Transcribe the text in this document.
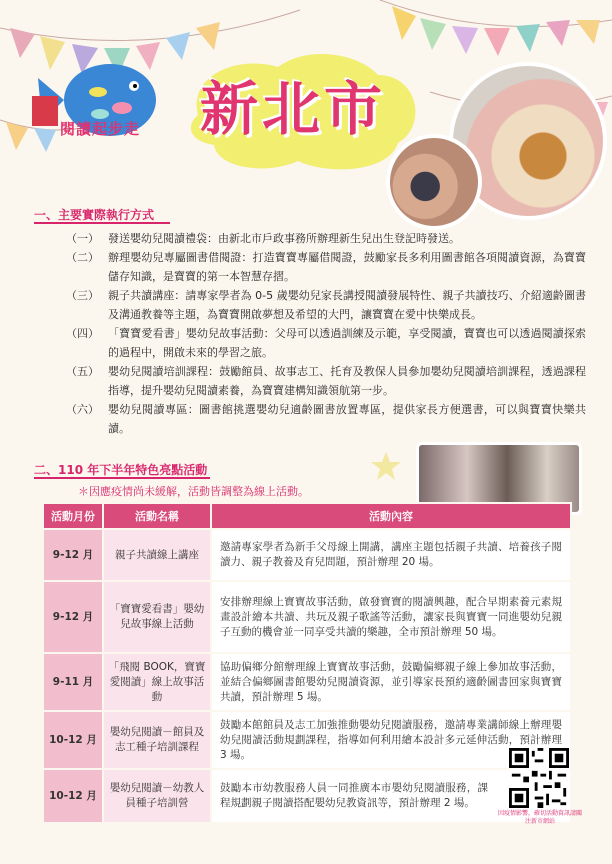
閱讀起步走 新北市
一、主要實際執行方式
（一） 發送嬰幼兒閱讀禮袋：由新北市戶政事務所辦理新生兒出生登記時發送。
（二） 辦理嬰幼兒專屬圖書借閱證：打造寶寶專屬借閱證，鼓勵家長多利用圖書館各項閱讀資源，為寶寶儲存知識，是寶寶的第一本智慧存摺。
（三） 親子共讀講座：請專家學者為 0-5 歲嬰幼兒家長講授閱讀發展特性、親子共讀技巧、介紹適齡圖書及溝通教養等主題，為寶寶開啟夢想及希望的大門，讓寶寶在愛中快樂成長。
（四） 「寶寶愛看書」嬰幼兒故事活動：父母可以透過訓練及示範，享受閱讀，寶寶也可以透過閱讀探索的過程中，開啟未來的學習之旅。
（五） 嬰幼兒閱讀培訓課程：鼓勵館員、故事志工、托育及教保人員參加嬰幼兒閱讀培訓課程，透過課程指導，提升嬰幼兒閱讀素養，為寶寶建構知識領航第一步。
（六） 嬰幼兒閱讀專區：圖書館挑選嬰幼兒適齡圖書放置專區，提供家長方便選書，可以與寶寶快樂共讀。
二、110 年下半年特色亮點活動
＊因應疫情尚未緩解，活動皆調整為線上活動。
活動月份	活動名稱	活動內容
9-12 月	親子共讀線上講座	邀請專家學者為新手父母線上開講，講座主題包括親子共讀、培養孩子閱讀力、親子教養及育兒問題，預計辦理 20 場。
9-12 月	「寶寶愛看書」嬰幼兒故事線上活動	安排辦理線上寶寶故事活動，啟發寶寶的閱讀興趣，配合早期素養元素規畫設計繪本共讀、共玩及親子歌謠等活動，讓家長與寶寶一同進嬰幼兒親子互動的機會並一同享受共讀的樂趣，全市預計辦理 50 場。
9-11 月	「飛閱 BOOK，寶寶愛閱讀」線上故事活動	協助偏鄉分館辦理線上寶寶故事活動，鼓勵偏鄉親子線上參加故事活動，並結合偏鄉圖書館嬰幼兒閱讀資源，並引導家長預約適齡圖書回家與寶寶共讀，預計辦理 5 場。
10-12 月	嬰幼兒閱讀－館員及志工種子培訓課程	鼓勵本館館員及志工加強推動嬰幼兒閱讀服務，邀請專業講師線上辦理嬰幼兒閱讀活動規劃課程，指導如何利用繪本設計多元延伸活動，預計辦理 3 場。
10-12 月	嬰幼兒閱讀－幼教人員種子培訓營	鼓勵本市幼教服務人員一同推廣本市嬰幼兒閱讀服務，課程規劃親子閱讀搭配嬰幼兒教資訊等，預計辦理 2 場。
因疫情影響，確切活動資訊請關注新市網站
